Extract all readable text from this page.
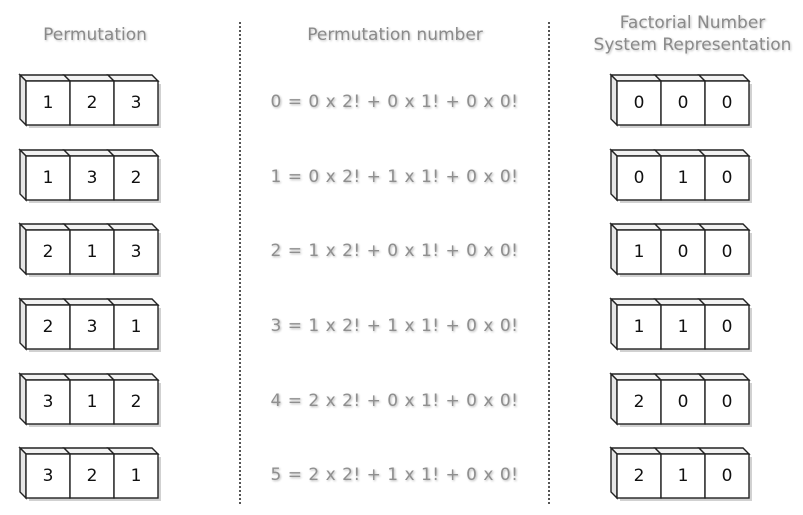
Permutation	Permutation number
Factorial Number
System Representation
1	2	3	0 = 0 x 2! + 0 x 1! + 0 x 0!	0	0	0
1	3	2	1 = 0 x 2! + 1 x 1! + 0 x 0!	0	1	0
2	1	3	2 = 1 x 2! + 0 x 1! + 0 x 0!	1	0	0
2	3	1	3 = 1 x 2! + 1 x 1! + 0 x 0!	1	1	0
3	1	2	4 = 2 x 2! + 0 x 1! + 0 x 0!	2	0	0
3	2	1	5 = 2 x 2! + 1 x 1! + 0 x 0!	2	1	0
